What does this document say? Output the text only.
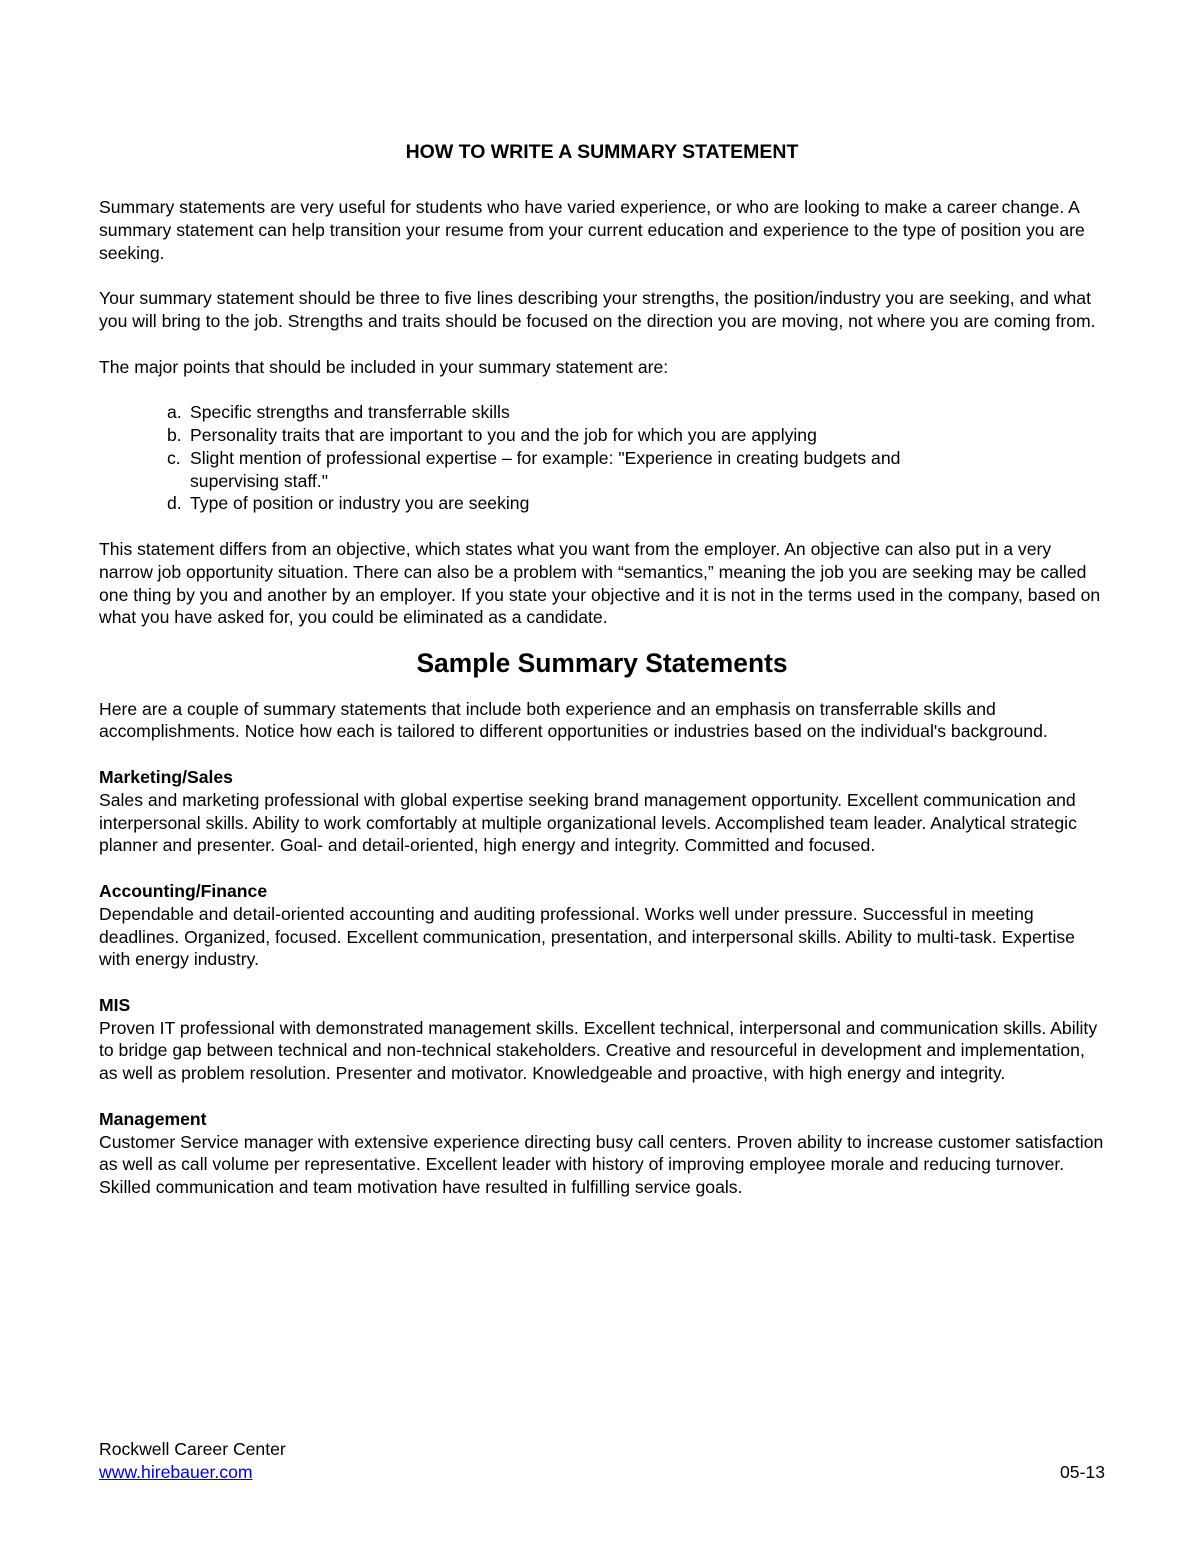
HOW TO WRITE A SUMMARY STATEMENT

Summary statements are very useful for students who have varied experience, or who are looking to make a career change. A summary statement can help transition your resume from your current education and experience to the type of position you are seeking.

Your summary statement should be three to five lines describing your strengths, the position/industry you are seeking, and what you will bring to the job. Strengths and traits should be focused on the direction you are moving, not where you are coming from.

The major points that should be included in your summary statement are:

a. Specific strengths and transferrable skills
b. Personality traits that are important to you and the job for which you are applying
c. Slight mention of professional expertise – for example: "Experience in creating budgets and supervising staff."
d. Type of position or industry you are seeking

This statement differs from an objective, which states what you want from the employer. An objective can also put in a very narrow job opportunity situation. There can also be a problem with “semantics,” meaning the job you are seeking may be called one thing by you and another by an employer. If you state your objective and it is not in the terms used in the company, based on what you have asked for, you could be eliminated as a candidate.

Sample Summary Statements

Here are a couple of summary statements that include both experience and an emphasis on transferrable skills and accomplishments. Notice how each is tailored to different opportunities or industries based on the individual's background.

Marketing/Sales
Sales and marketing professional with global expertise seeking brand management opportunity. Excellent communication and interpersonal skills. Ability to work comfortably at multiple organizational levels. Accomplished team leader. Analytical strategic planner and presenter. Goal- and detail-oriented, high energy and integrity. Committed and focused.
Accounting/Finance
Dependable and detail-oriented accounting and auditing professional. Works well under pressure. Successful in meeting deadlines. Organized, focused. Excellent communication, presentation, and interpersonal skills. Ability to multi-task. Expertise with energy industry.
MIS
Proven IT professional with demonstrated management skills. Excellent technical, interpersonal and communication skills. Ability to bridge gap between technical and non-technical stakeholders. Creative and resourceful in development and implementation, as well as problem resolution. Presenter and motivator. Knowledgeable and proactive, with high energy and integrity.
Management
Customer Service manager with extensive experience directing busy call centers. Proven ability to increase customer satisfaction as well as call volume per representative. Excellent leader with history of improving employee morale and reducing turnover. Skilled communication and team motivation have resulted in fulfilling service goals.
Rockwell Career Center
www.hirebauer.com	05-13
